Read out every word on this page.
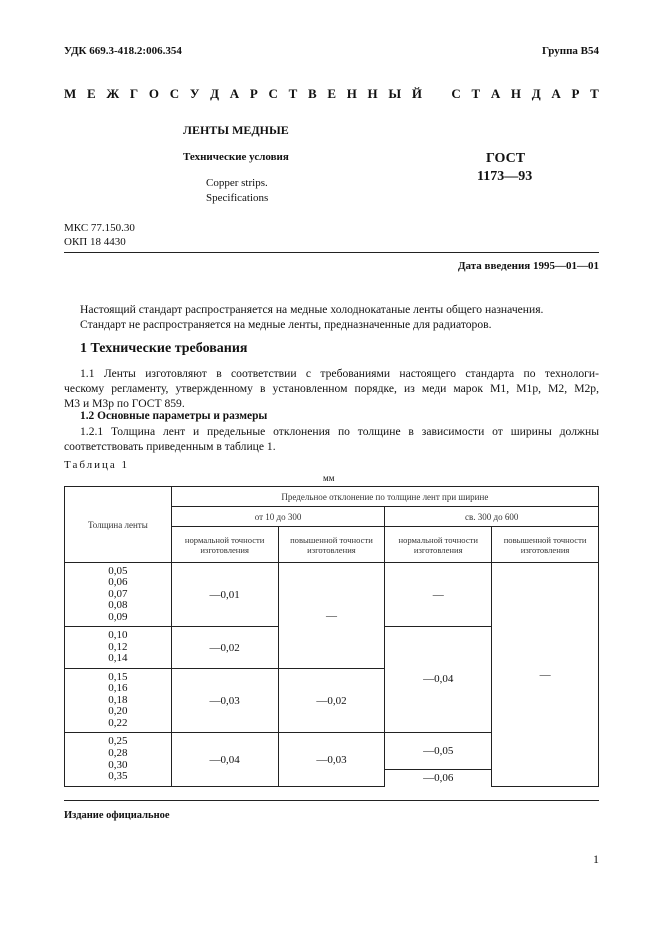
УДК 669.3-418.2:006.354	Группа B54
М Е Ж Г О С У Д А Р С Т В Е Н Н Ы Й С Т А Н Д А Р Т
ЛЕНТЫ МЕДНЫЕ
Технические условия
Copper strips.
Specifications
ГОСТ
1173—93
МКС 77.150.30
ОКП 18 4430
Дата введения 1995—01—01
Настоящий стандарт распространяется на медные холоднокатаные ленты общего назначения.
Стандарт не распространяется на медные ленты, предназначенные для радиаторов.
1 Технические требования
1.1 Ленты изготовляют в соответствии с требованиями настоящего стандарта по технологи-
ческому регламенту, утвержденному в установленном порядке, из меди марок М1, М1р, М2, М2р,
М3 и М3р по ГОСТ 859.
1.2 Основные параметры и размеры
1.2.1 Толщина лент и предельные отклонения по толщине в зависимости от ширины должны
соответствовать приведенным в таблице 1.
Таблица 1
мм
Толщина ленты	Предельное отклонение по толщине лент при ширине			
	от 10 до 300		св. 300 до 600	
	нормальной точности изготовления	повышенной точности изготовления	нормальной точности изготовления	повышенной точности изготовления

0,05
0,06
0,07
0,08
0,09	—0,01	—	—	—

0,10
0,12
0,14	—0,02		—0,04	

0,15
0,16
0,18
0,20
0,22	—0,03	—0,02		

0,25
0,28
0,30
0,35	—0,04	—0,03	—0,05	
			—0,06	
Издание официальное
1
